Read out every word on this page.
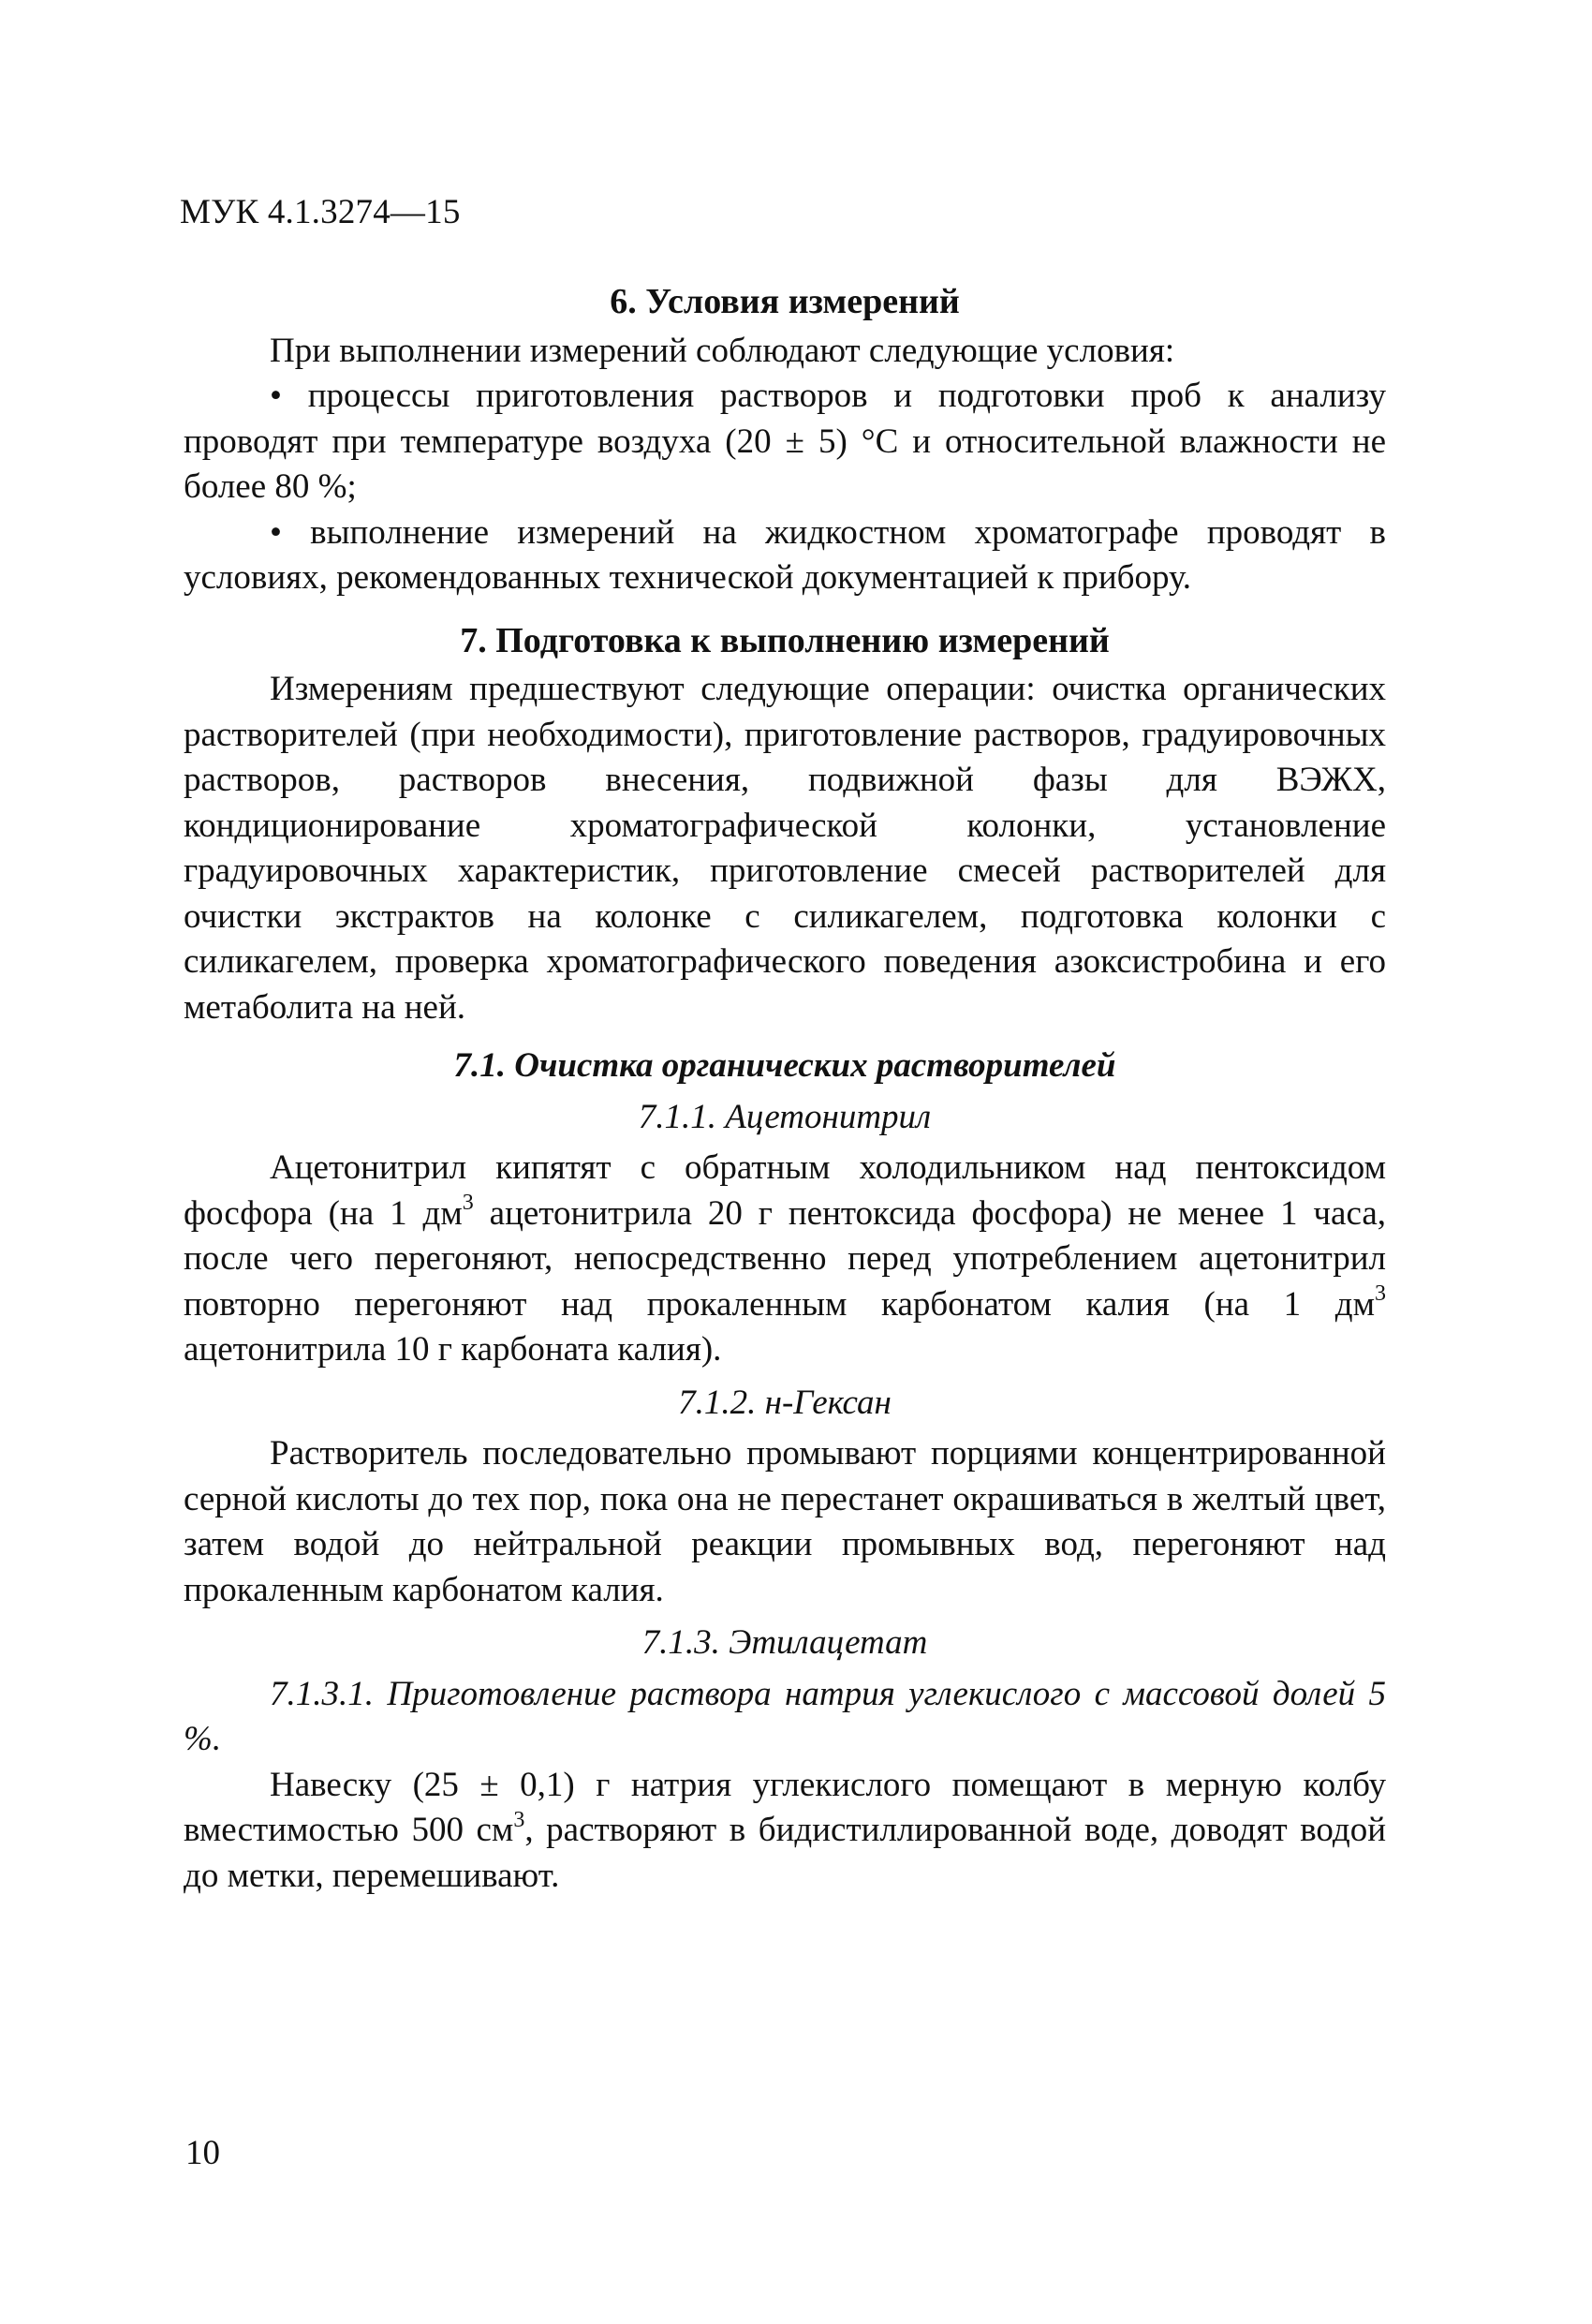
МУК 4.1.3274—15
6. Условия измерений

При выполнении измерений соблюдают следующие условия:

• процессы приготовления растворов и подготовки проб к анализу проводят при температуре воздуха (20 ± 5) °С и относительной влажности не более 80 %;

• выполнение измерений на жидкостном хроматографе проводят в условиях, рекомендованных технической документацией к прибору.

7. Подготовка к выполнению измерений

Измерениям предшествуют следующие операции: очистка органических растворителей (при необходимости), приготовление растворов, градуировочных растворов, растворов внесения, подвижной фазы для ВЭЖХ, кондиционирование хроматографической колонки, установление градуировочных характеристик, приготовление смесей растворителей для очистки экстрактов на колонке с силикагелем, подготовка колонки с силикагелем, проверка хроматографического поведения азоксистробина и его метаболита на ней.

7.1. Очистка органических растворителей
7.1.1. Ацетонитрил

Ацетонитрил кипятят с обратным холодильником над пентоксидом фосфора (на 1 $дм^3$ ацетонитрила 20 г пентоксида фосфора) не менее 1 часа, после чего перегоняют, непосредственно перед употреблением ацетонитрил повторно перегоняют над прокаленным карбонатом калия (на 1 $дм^3$ ацетонитрила 10 г карбоната калия).

7.1.2. н-Гексан

Растворитель последовательно промывают порциями концентрированной серной кислоты до тех пор, пока она не перестанет окрашиваться в желтый цвет, затем водой до нейтральной реакции промывных вод, перегоняют над прокаленным карбонатом калия.

7.1.3. Этилацетат

7.1.3.1. Приготовление раствора натрия углекислого с массовой долей 5 %.

Навеску (25 ± 0,1) г натрия углекислого помещают в мерную колбу вместимостью 500 $см^3$, растворяют в бидистиллированной воде, доводят водой до метки, перемешивают.

10
